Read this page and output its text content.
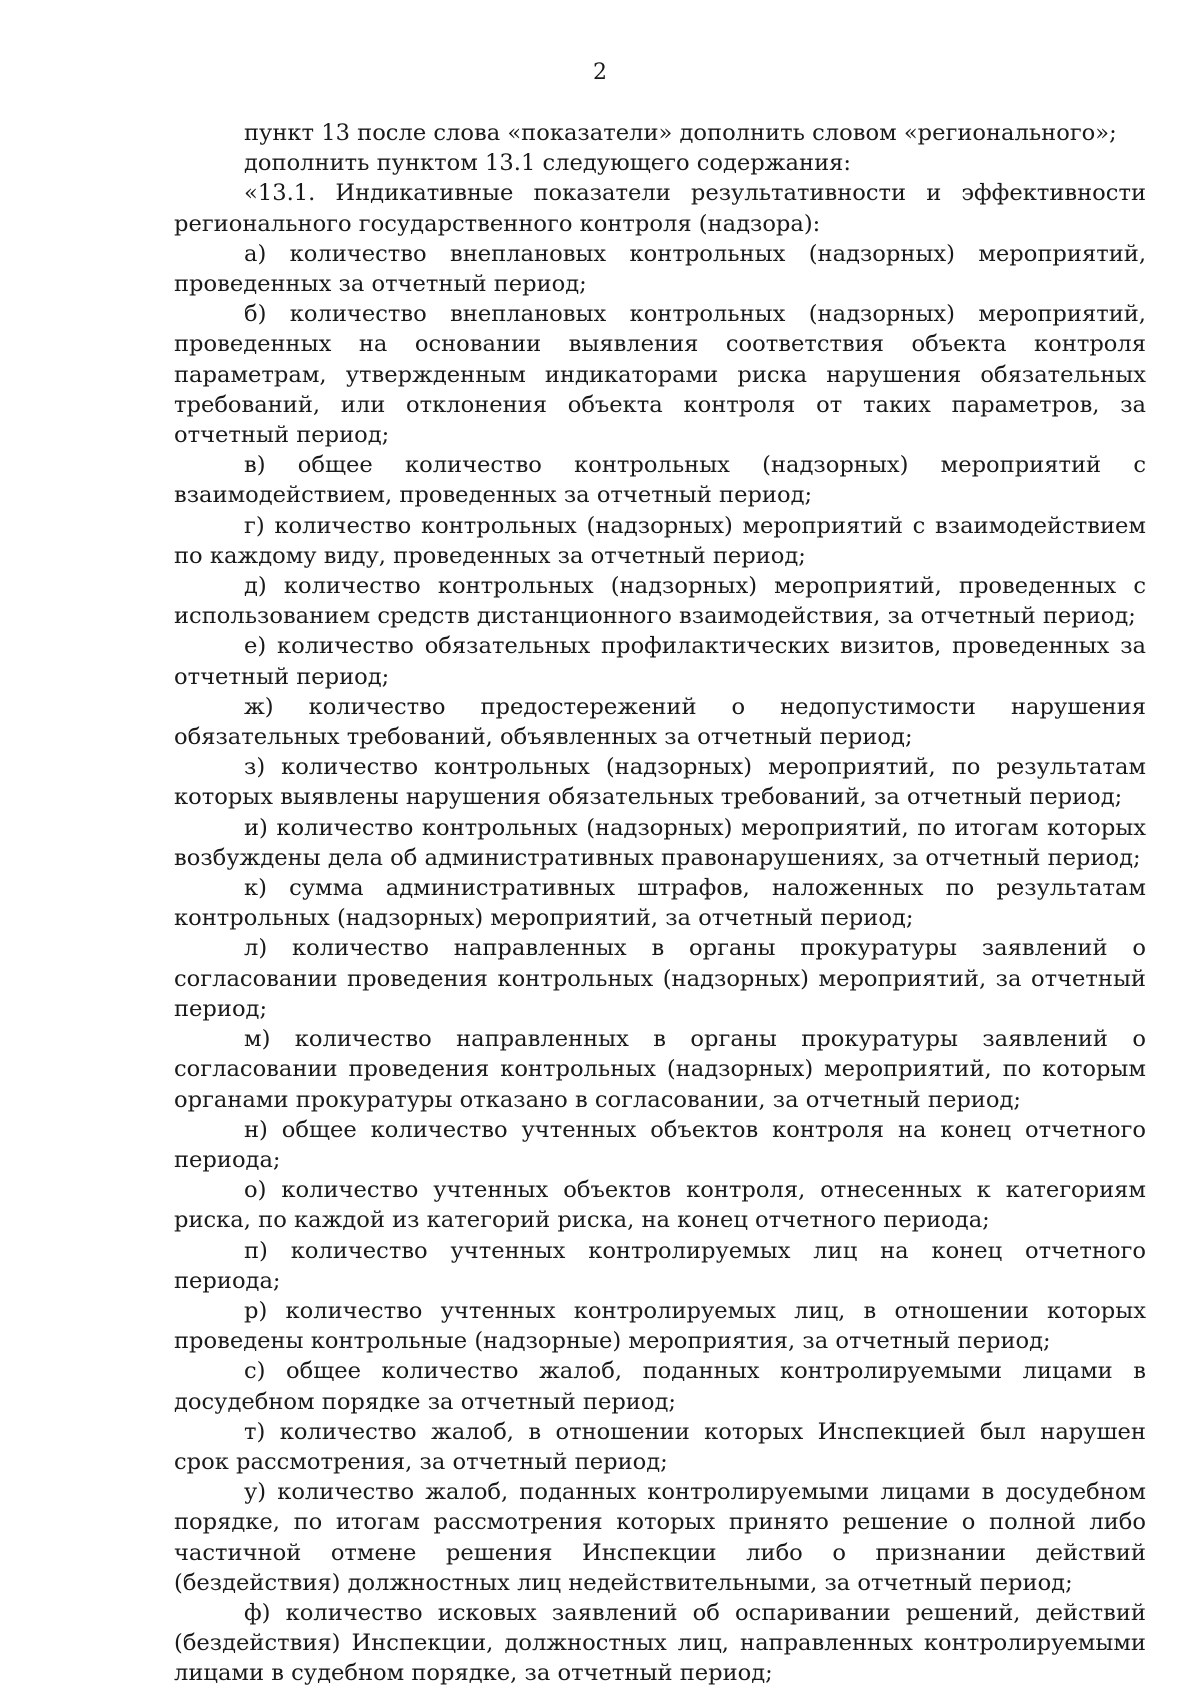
2

пункт 13 после слова «показатели» дополнить словом «регионального»;

дополнить пунктом 13.1 следующего содержания:

«13.1. Индикативные показатели результативности и эффективности регионального государственного контроля (надзора):

а) количество внеплановых контрольных (надзорных) мероприятий, проведенных за отчетный период;

б) количество внеплановых контрольных (надзорных) мероприятий, проведенных на основании выявления соответствия объекта контроля параметрам, утвержденным индикаторами риска нарушения обязательных требований, или отклонения объекта контроля от таких параметров, за отчетный период;

в) общее количество контрольных (надзорных) мероприятий с взаимодействием, проведенных за отчетный период;

г) количество контрольных (надзорных) мероприятий с взаимодействием по каждому виду, проведенных за отчетный период;

д) количество контрольных (надзорных) мероприятий, проведенных с использованием средств дистанционного взаимодействия, за отчетный период;

е) количество обязательных профилактических визитов, проведенных за отчетный период;

ж) количество предостережений о недопустимости нарушения обязательных требований, объявленных за отчетный период;

з) количество контрольных (надзорных) мероприятий, по результатам которых выявлены нарушения обязательных требований, за отчетный период;

и) количество контрольных (надзорных) мероприятий, по итогам которых возбуждены дела об административных правонарушениях, за отчетный период;

к) сумма административных штрафов, наложенных по результатам контрольных (надзорных) мероприятий, за отчетный период;

л) количество направленных в органы прокуратуры заявлений о согласовании проведения контрольных (надзорных) мероприятий, за отчетный период;

м) количество направленных в органы прокуратуры заявлений о согласовании проведения контрольных (надзорных) мероприятий, по которым органами прокуратуры отказано в согласовании, за отчетный период;

н) общее количество учтенных объектов контроля на конец отчетного периода;

о) количество учтенных объектов контроля, отнесенных к категориям риска, по каждой из категорий риска, на конец отчетного периода;

п) количество учтенных контролируемых лиц на конец отчетного периода;

р) количество учтенных контролируемых лиц, в отношении которых проведены контрольные (надзорные) мероприятия, за отчетный период;

с) общее количество жалоб, поданных контролируемыми лицами в досудебном порядке за отчетный период;

т) количество жалоб, в отношении которых Инспекцией был нарушен срок рассмотрения, за отчетный период;

у) количество жалоб, поданных контролируемыми лицами в досудебном порядке, по итогам рассмотрения которых принято решение о полной либо частичной отмене решения Инспекции либо о признании действий (бездействия) должностных лиц недействительными, за отчетный период;

ф) количество исковых заявлений об оспаривании решений, действий (бездействия) Инспекции, должностных лиц, направленных контролируемыми лицами в судебном порядке, за отчетный период;
